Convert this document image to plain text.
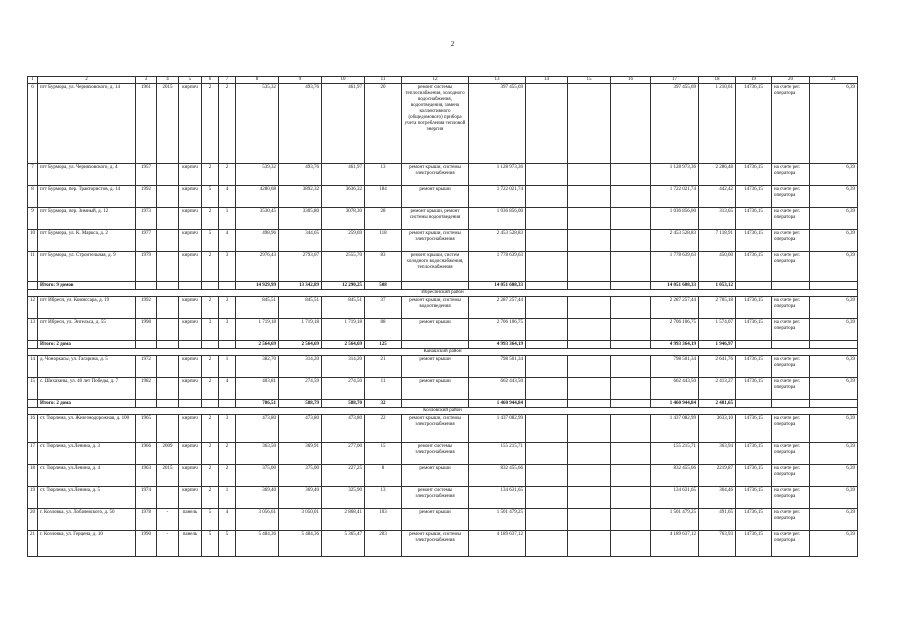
2
1	2	3	4	5	6	7	8	9	10	11	12	13	14	15	16	17	18	19	20	21
6	пгт Бурмора, ул. Черняховского, д. 14	1961	2015	кирпич	2	2	535,32	493,76	461,97	20	ремонт системы теплоснабжения, холодного водоснабжения, водоотведения, замена коллективного (общедомового) прибора учета потребления тепловой энергии	397 455,69				397 455,69	1 210,61	14736,15	на счете рег. оператора	6,39
7	пгт Бурмора, ул. Черняховского, д. 4	1957		кирпич	2	2	539,32	493,76	461,97	13	ремонт крыши, системы электроснабжения	1 128 973,36				1 128 973,36	2 286,48	14736,15	на счете рег. оператора	6,39
8	пгт Бурмора, пер. Трактористов, д. 14	1992		кирпич	5	4	4280,08	3892,32	3636,32	184	ремонт крыши	1 722 021,74				1 722 021,74	442,42	14736,15	на счете рег. оператора	6,39
9	пгт Бурмора, пер. Зимный, д. 12	1973		кирпич	2	1	3530,45	3305,80	3078,30	28	ремонт крыши, ремонт системы водоотведения	1 036 856,00				1 036 856,00	313,65	14736,15	на счете рег. оператора	6,39
10	пгт Бурмора, ул. К. Маркса, д. 2	1977		кирпич	5	4	498,96	344,65	259,69	118	ремонт крыши, системы электроснабжения	2 453 528,83				2 453 528,83	7 118,91	14736,15	на счете рег. оператора	6,39
11	пгт Бурмора, ул. Строительная, д. 9	1979		кирпич	2	3	2976,43	2793,07	2555,70	83	ремонт крыши, систем холодного водоснабжения, теплоснабжения	1 778 639,63				1 778 639,63	450,00	14736,15	на счете рег. оператора	6,39
	Итого: 9 домов						14 929,99	13 342,89	12 290,25	508		14 051 608,33				14 051 608,33	1 053,12			
Ибресинский район																				
12	пгт Ибреси, ул. Комиссара, д. 19	1992		кирпич	2	3	845,51	845,51	845,51	37	ремонт крыши, системы водоотведения	2 287 257,44				2 287 257,44	2 705,18	14736,15	на счете рег. оператора	6,39
13	пгт Ибреси, ул. Энгельса, д. 55	1998		кирпич	3	3	1 719,18	1 719,18	1 719,18	88	ремонт крыши	2 706 106,75				2 706 106,75	1 574,07	14736,15	на счете рег. оператора	6,39
	Итого: 2 дома						2 564,69	2 564,69	2 564,69	125		4 993 364,19				4 993 364,19	1 946,97			
Канашский район																				
14	д. Чоноркасы, ул. Гагарина, д. 5	1972		кирпич	2	1	382,70	314,20	314,20	21	ремонт крыши	798 501,34				798 501,34	2 641,76	14736,15	на счете рег. оператора	6,39
15	с. Шихазаны, ул. 40 лет Победы, д. 7	1982		кирпич	2	4	403,81	274,59	274,50	11	ремонт крыши	662 443,50				662 443,50	2 413,27	14736,15	на счете рег. оператора	6,39
	Итого: 2 дома						786,51	588,79	588,70	32		1 460 944,84				1 460 944,84	2 481,65			
Козловский район																				
16	ст. Тюрлема, ул. Железнодорожная, д. 100	1965		кирпич	2	3	473,80	473,80	473,80	22	ремонт крыши, системы электроснабжения	1 437 082,99				1 437 082,99	3633,10	14736,15	на счете рег. оператора	6,39
17	ст. Тюрлема, ул.Ленина, д. 3	1966	2009	кирпич	2	2	363,50	369,91	277,00	15	ремонт системы электроснабжения	155 215,71				155 215,71	363,94	14736,15	на счете рег. оператора	6,39
18	ст. Тюрлема, ул.Ленина, д. 4	1963	2015	кирпич	2	2	375,00	375,00	227,25	8	ремонт крыши	832 455,66				832 455,66	2219,87	14736,15	на счете рег. оператора	6,39
19	ст. Тюрлема, ул.Ленина, д. 5	1974		кирпич	2	1	369,40	369,40	325,90	13	ремонт системы электроснабжения	134 631,65				134 631,65	364,46	14736,15	на счете рег. оператора	6,39
20	г. Козловка, ул. Лобачевского, д. 50	1978	-	панель	5	4	3 056,61	3 050,01	2 868,41	103	ремонт крыши	1 501 479,25				1 501 479,25	491,65	14736,15	на счете рег. оператора	6,39
21	г. Козловка, ул. Герцена, д. 10	1990	-	панель	5	5	5 484,36	5 484,36	5 365,47	203	ремонт крыши, системы электроснабжения	4 189 637,12				4 189 637,12	763,93	14736,15	на счете рег. оператора	6,39
